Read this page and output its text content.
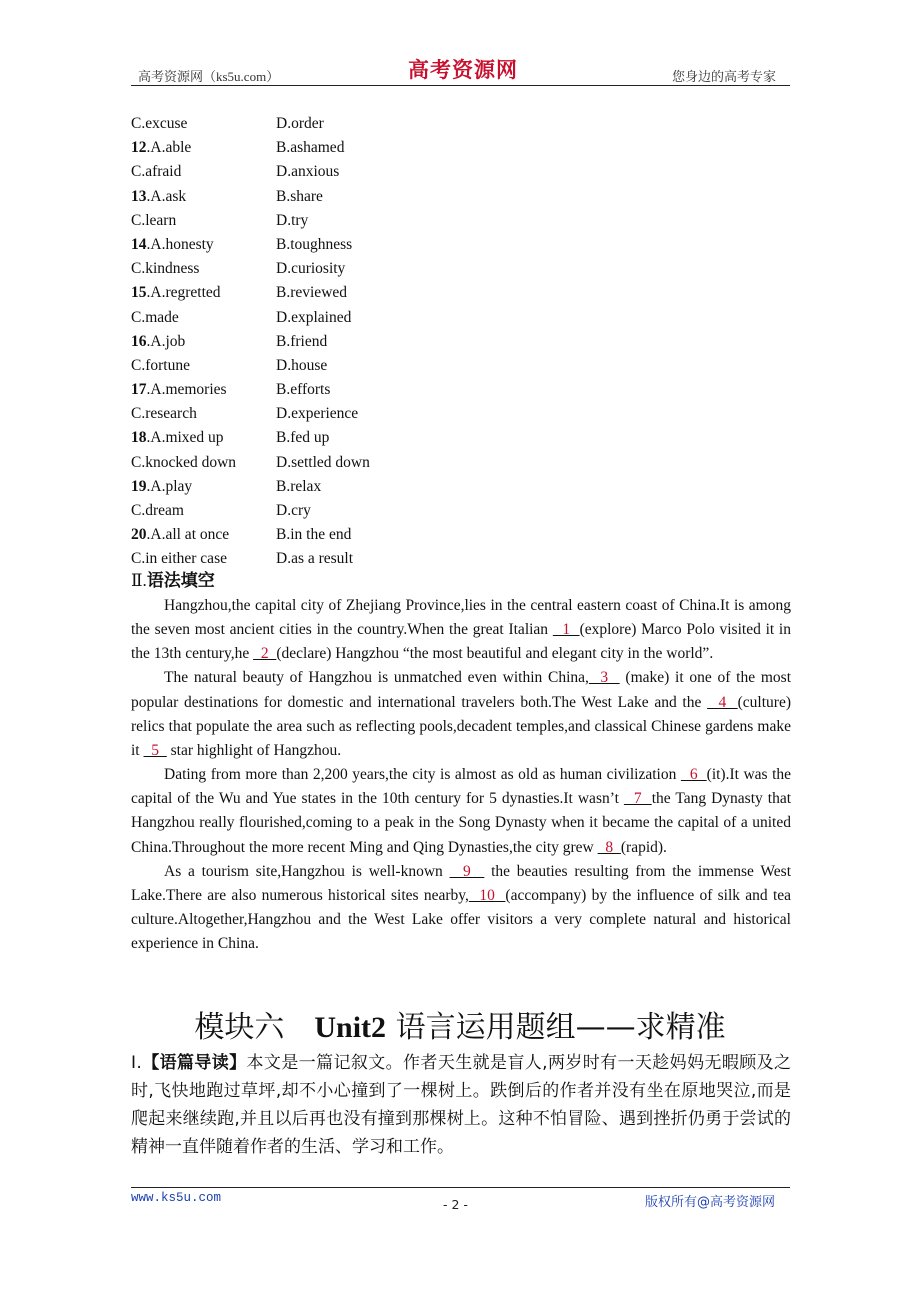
高考资源网（ks5u.com）	高考资源网	您身边的高考专家
C.excuse	D.order
12.A.able	B.ashamed
C.afraid	D.anxious
13.A.ask	B.share
C.learn	D.try
14.A.honesty	B.toughness
C.kindness	D.curiosity
15.A.regretted	B.reviewed
C.made	D.explained
16.A.job	B.friend
C.fortune	D.house
17.A.memories	B.efforts
C.research	D.experience
18.A.mixed up	B.fed up
C.knocked down	D.settled down
19.A.play	B.relax
C.dream	D.cry
20.A.all at once	B.in the end
C.in either case	D.as a result
Ⅱ.语法填空

Hangzhou,the capital city of Zhejiang Province,lies in the central eastern coast of China.It is among the seven most ancient cities in the country.When the great Italian   1  (explore) Marco Polo visited it in the 13th century,he   2  (declare) Hangzhou “the most beautiful and elegant city in the world”.

The natural beauty of Hangzhou is unmatched even within China,  3   (make) it one of the most popular destinations for domestic and international travelers both.The West Lake and the   4  (culture) relics that populate the area such as reflecting pools,decadent temples,and classical Chinese gardens make it   5   star highlight of Hangzhou.

Dating from more than 2,200 years,the city is almost as old as human civilization   6  (it).It was the capital of the Wu and Yue states in the 10th century for 5 dynasties.It wasn’t   7  the Tang Dynasty that Hangzhou really flourished,coming to a peak in the Song Dynasty when it became the capital of a united China.Throughout the more recent Ming and Qing Dynasties,the city grew   8  (rapid).

As a tourism site,Hangzhou is well-known   9   the beauties resulting from the immense West Lake.There are also numerous historical sites nearby,  10  (accompany) by the influence of silk and tea culture.Altogether,Hangzhou and the West Lake offer visitors a very complete natural and historical experience in China.

模块六　Unit2 语言运用题组——求精准
Ⅰ.【语篇导读】本文是一篇记叙文。作者天生就是盲人,两岁时有一天趁妈妈无暇顾及之时,飞快地跑过草坪,却不小心撞到了一棵树上。跌倒后的作者并没有坐在原地哭泣,而是爬起来继续跑,并且以后再也没有撞到那棵树上。这种不怕冒险、遇到挫折仍勇于尝试的精神一直伴随着作者的生活、学习和工作。
www.ks5u.com	- 2 -	版权所有@高考资源网
